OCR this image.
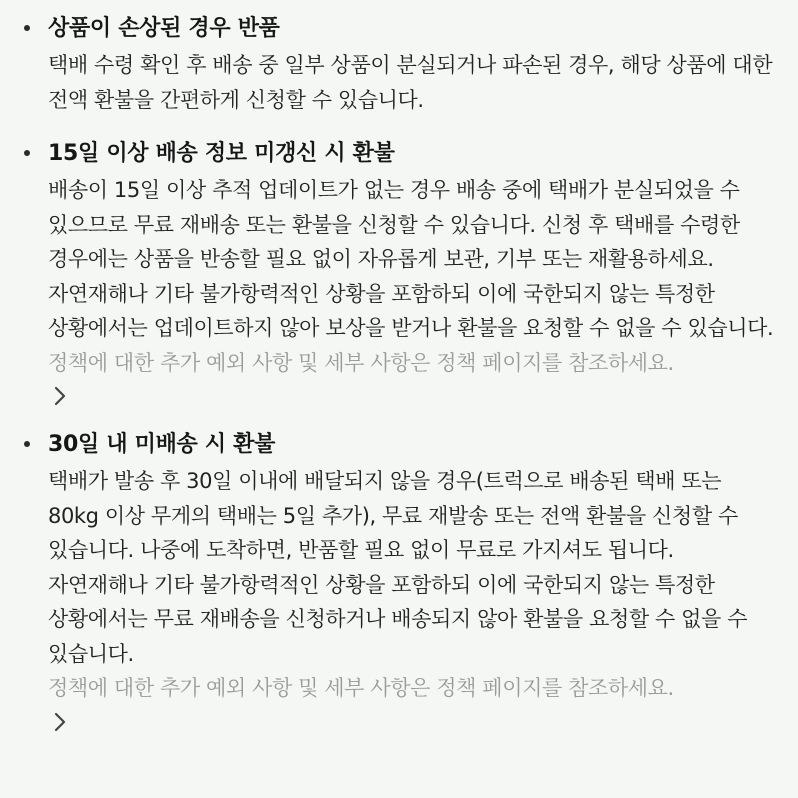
상품이 손상된 경우 반품

택배 수령 확인 후 배송 중 일부 상품이 분실되거나 파손된 경우, 해당 상품에 대한 전액 환불을 간편하게 신청할 수 있습니다.

15일 이상 배송 정보 미갱신 시 환불

배송이 15일 이상 추적 업데이트가 없는 경우 배송 중에 택배가 분실되었을 수 있으므로 무료 재배송 또는 환불을 신청할 수 있습니다. 신청 후 택배를 수령한 경우에는 상품을 반송할 필요 없이 자유롭게 보관, 기부 또는 재활용하세요. 자연재해나 기타 불가항력적인 상황을 포함하되 이에 국한되지 않는 특정한 상황에서는 업데이트하지 않아 보상을 받거나 환불을 요청할 수 없을 수 있습니다.

정책에 대한 추가 예외 사항 및 세부 사항은 정책 페이지를 참조하세요.
30일 내 미배송 시 환불

택배가 발송 후 30일 이내에 배달되지 않을 경우(트럭으로 배송된 택배 또는 80kg 이상 무게의 택배는 5일 추가), 무료 재발송 또는 전액 환불을 신청할 수 있습니다. 나중에 도착하면, 반품할 필요 없이 무료로 가지셔도 됩니다. 자연재해나 기타 불가항력적인 상황을 포함하되 이에 국한되지 않는 특정한 상황에서는 무료 재배송을 신청하거나 배송되지 않아 환불을 요청할 수 없을 수 있습니다.

정책에 대한 추가 예외 사항 및 세부 사항은 정책 페이지를 참조하세요.
